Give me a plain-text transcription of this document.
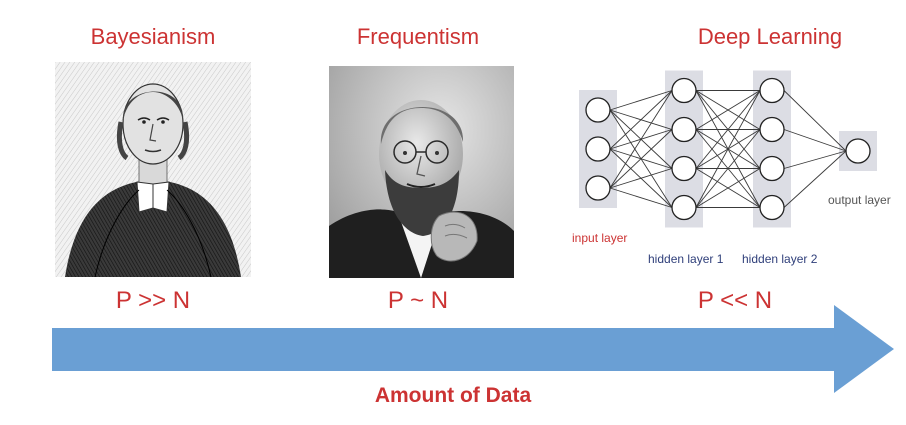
Bayesianism	Frequentism	Deep Learning
input layer
hidden layer 1 hidden layer 2
output layer
P >> N	P ~ N	P << N
Amount of Data
